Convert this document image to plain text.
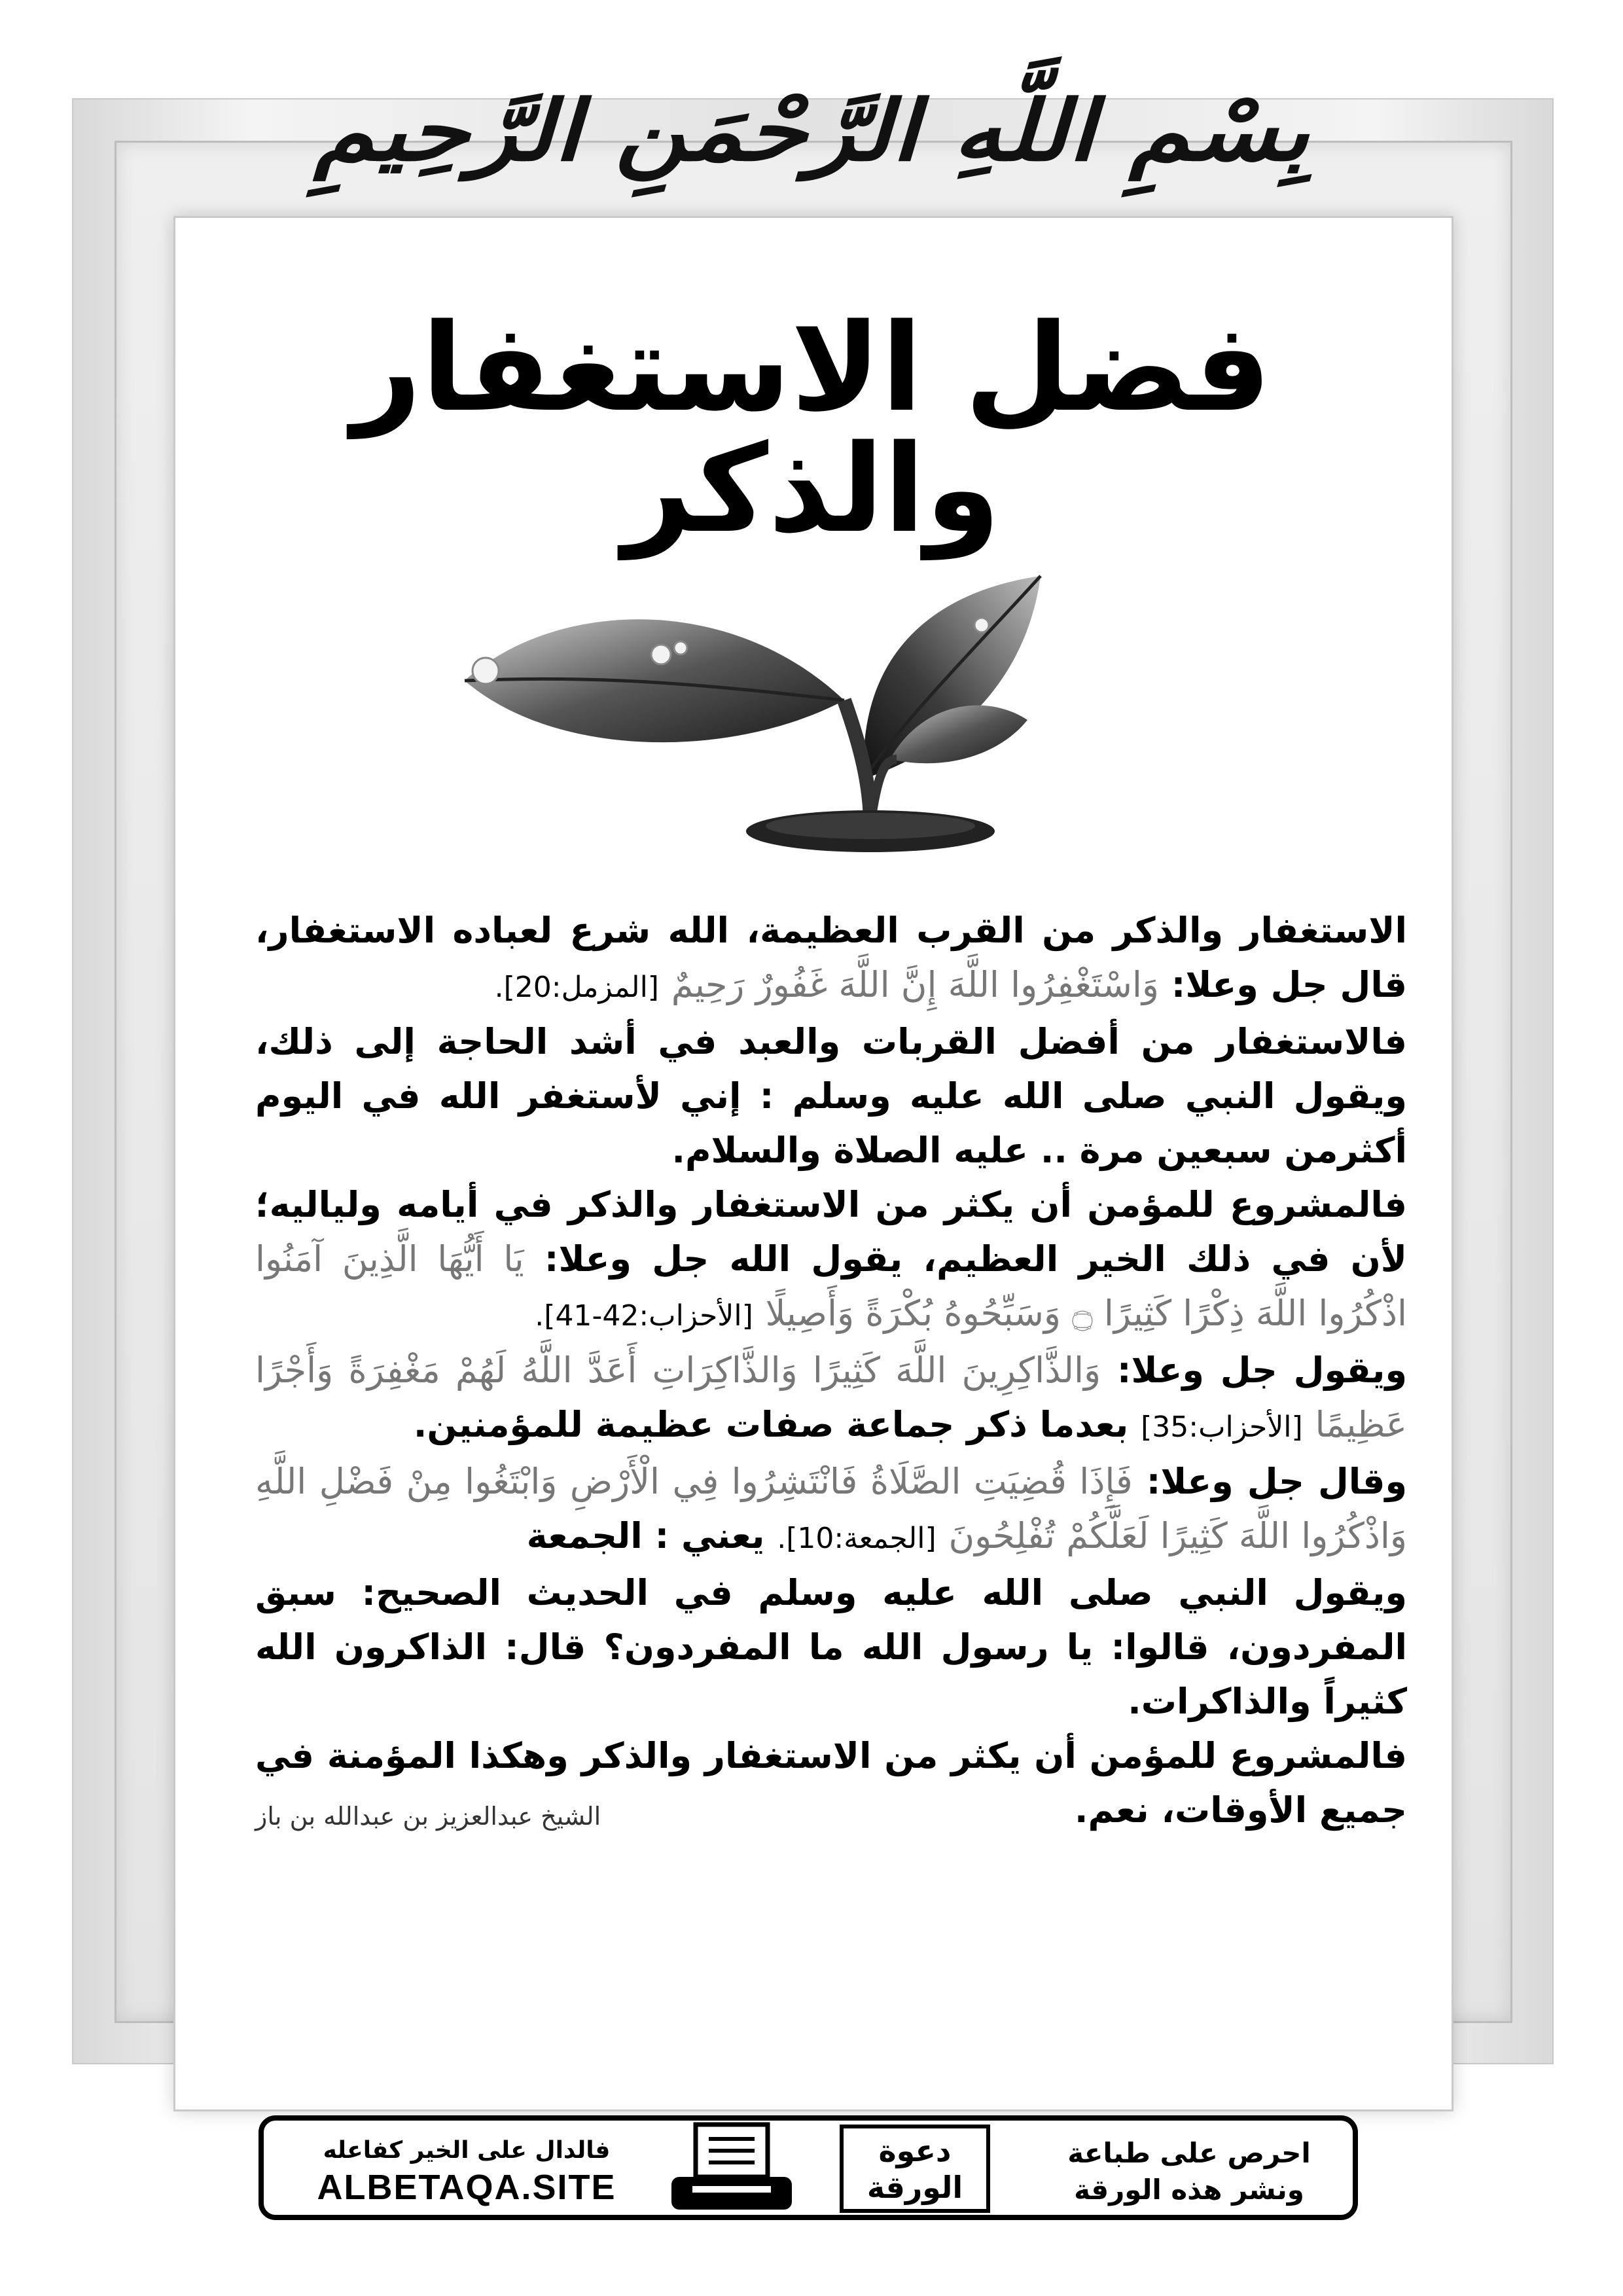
بِسْمِ اللَّهِ الرَّحْمَنِ الرَّحِيمِ
فضل الاستغفار والذكر

الاستغفار والذكر من القرب العظيمة، الله شرع لعباده الاستغفار، قال جل وعلا: وَاسْتَغْفِرُوا اللَّهَ إِنَّ اللَّهَ غَفُورٌ رَحِيمٌ [المزمل:20].

فالاستغفار من أفضل القربات والعبد في أشد الحاجة إلى ذلك، ويقول النبي صلى الله عليه وسلم : إني لأستغفر الله في اليوم أكثرمن سبعين مرة .. عليه الصلاة والسلام.

فالمشروع للمؤمن أن يكثر من الاستغفار والذكر في أيامه ولياليه؛ لأن في ذلك الخير العظيم، يقول الله جل وعلا: يَا أَيُّهَا الَّذِينَ آمَنُوا اذْكُرُوا اللَّهَ ذِكْرًا كَثِيرًا ۝ وَسَبِّحُوهُ بُكْرَةً وَأَصِيلًا [الأحزاب:42-41].

ويقول جل وعلا: وَالذَّاكِرِينَ اللَّهَ كَثِيرًا وَالذَّاكِرَاتِ أَعَدَّ اللَّهُ لَهُمْ مَغْفِرَةً وَأَجْرًا عَظِيمًا [الأحزاب:35] بعدما ذكر جماعة صفات عظيمة للمؤمنين.

وقال جل وعلا: فَإِذَا قُضِيَتِ الصَّلَاةُ فَانْتَشِرُوا فِي الْأَرْضِ وَابْتَغُوا مِنْ فَضْلِ اللَّهِ وَاذْكُرُوا اللَّهَ كَثِيرًا لَعَلَّكُمْ تُفْلِحُونَ [الجمعة:10]. يعني : الجمعة

ويقول النبي صلى الله عليه وسلم في الحديث الصحيح: سبق المفردون، قالوا: يا رسول الله ما المفردون؟ قال: الذاكرون الله كثيراً والذاكرات.

فالمشروع للمؤمن أن يكثر من الاستغفار والذكر وهكذا المؤمنة في جميع الأوقات، نعم.
الشيخ عبدالعزيز بن عبدالله بن باز

احرص على طباعة
ونشر هذه الورقة
دعوة
الورقة
فالدال على الخير كفاعله
ALBETAQA.SITE
